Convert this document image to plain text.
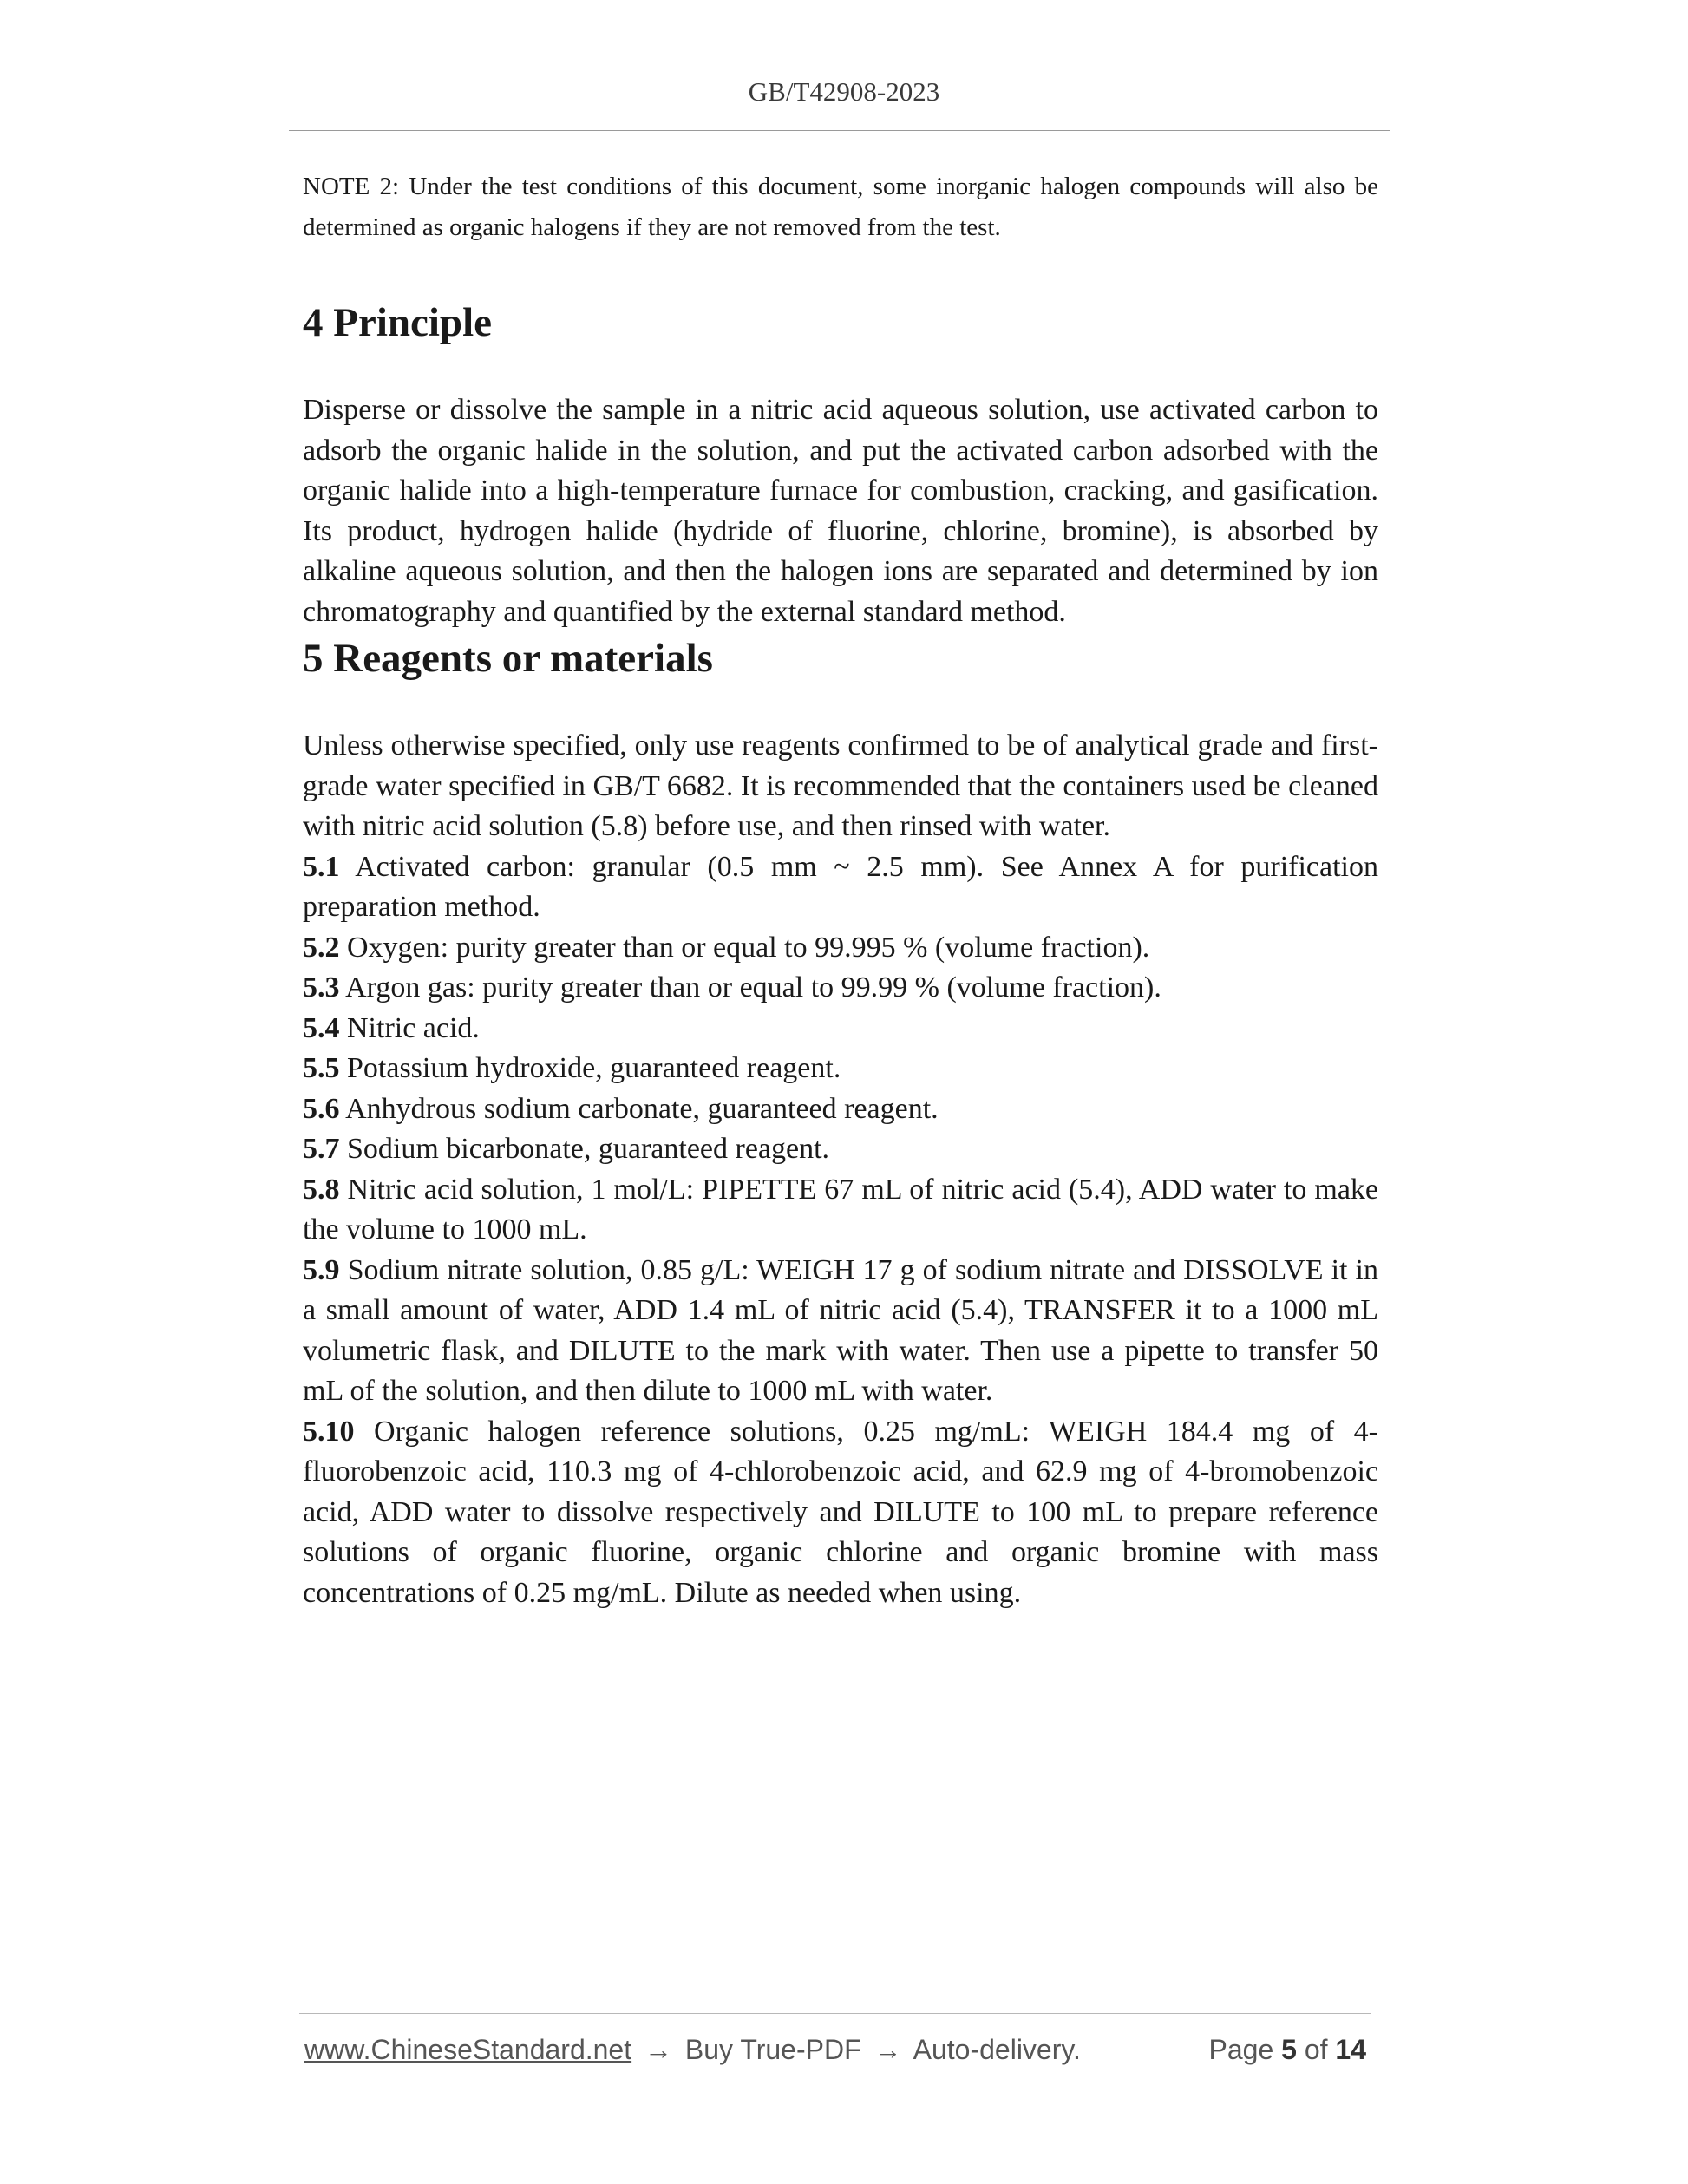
GB/T42908-2023

NOTE 2: Under the test conditions of this document, some inorganic halogen compounds will also be determined as organic halogens if they are not removed from the test.

4 Principle

Disperse or dissolve the sample in a nitric acid aqueous solution, use activated carbon to adsorb the organic halide in the solution, and put the activated carbon adsorbed with the organic halide into a high-temperature furnace for combustion, cracking, and gasification. Its product, hydrogen halide (hydride of fluorine, chlorine, bromine), is absorbed by alkaline aqueous solution, and then the halogen ions are separated and determined by ion chromatography and quantified by the external standard method.

5 Reagents or materials

Unless otherwise specified, only use reagents confirmed to be of analytical grade and first-grade water specified in GB/T 6682. It is recommended that the containers used be cleaned with nitric acid solution (5.8) before use, and then rinsed with water.

5.1 Activated carbon: granular (0.5 mm ~ 2.5 mm). See Annex A for purification preparation method.

5.2 Oxygen: purity greater than or equal to 99.995 % (volume fraction).

5.3 Argon gas: purity greater than or equal to 99.99 % (volume fraction).

5.4 Nitric acid.

5.5 Potassium hydroxide, guaranteed reagent.

5.6 Anhydrous sodium carbonate, guaranteed reagent.

5.7 Sodium bicarbonate, guaranteed reagent.

5.8 Nitric acid solution, 1 mol/L: PIPETTE 67 mL of nitric acid (5.4), ADD water to make the volume to 1000 mL.

5.9 Sodium nitrate solution, 0.85 g/L: WEIGH 17 g of sodium nitrate and DISSOLVE it in a small amount of water, ADD 1.4 mL of nitric acid (5.4), TRANSFER it to a 1000 mL volumetric flask, and DILUTE to the mark with water. Then use a pipette to transfer 50 mL of the solution, and then dilute to 1000 mL with water.

5.10 Organic halogen reference solutions, 0.25 mg/mL: WEIGH 184.4 mg of 4-fluorobenzoic acid, 110.3 mg of 4-chlorobenzoic acid, and 62.9 mg of 4-bromobenzoic acid, ADD water to dissolve respectively and DILUTE to 100 mL to prepare reference solutions of organic fluorine, organic chlorine and organic bromine with mass concentrations of 0.25 mg/mL. Dilute as needed when using.

www.ChineseStandard.net → Buy True-PDF → Auto-delivery.	Page 5 of 14
